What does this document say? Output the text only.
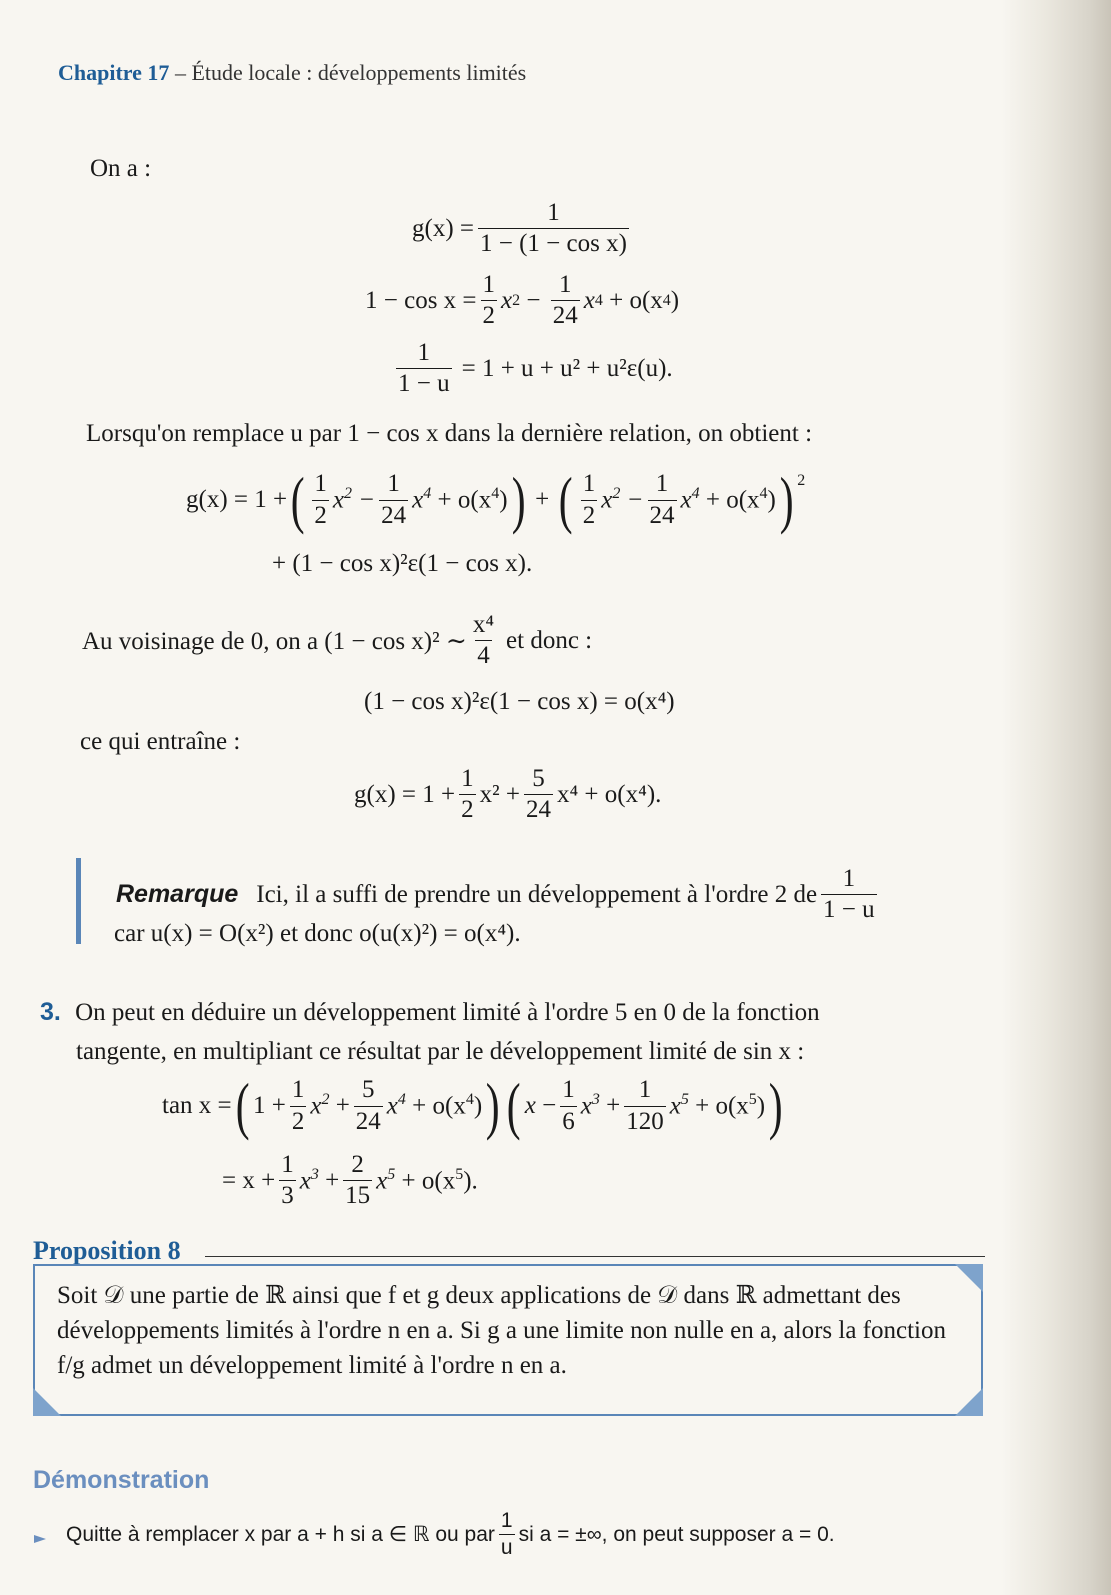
Chapitre 17 – Étude locale : développements limités
On a :
$g(x) = \frac{1}{\text{1 − (1 − cos x)}}$
$1 - \cos x = \frac{1}{2}$ x $2 - \frac{1}{24}$ x 4 + o(x 4 )
$\frac{1}{1 - u} = 1 + u + u^2 + u^2\varepsilon(u)$.
Lorsqu'on remplace u par 1 − cos x dans la dernière relation, on obtient :
g(x) = 1 + ( $\frac{1}{2} x^2 - \frac{1}{24} x^4 + o(x^4)$ ) + ( $\frac{1}{2} x^2 - \frac{1}{24} x^4 + o(x^4)$ )$^2$
+ (1 − cos x)²ε(1 − cos x).
Au voisinage de 0, on a (1 − cos x)² ∼ $\frac{\text{x⁴}}{4}$ et donc :
(1 − cos x)²ε(1 − cos x) = o(x⁴)
ce qui entraîne :
$g(x) = 1 + \frac{1}{2} x^2 + \frac{5}{24} x^4 + o(x^4)$.
Remarque Ici, il a suffi de prendre un développement à l'ordre 2 de $\frac{1}{1 - u}$
car u(x) = O(x²) et donc o(u(x)²) = o(x⁴).
3. On peut en déduire un développement limité à l'ordre 5 en 0 de la fonction
tangente, en multipliant ce résultat par le développement limité de sin x :
tan x = ( $1 + \frac{1}{2} x^2 + \frac{5}{24} x^4 + o(x^4)$ ) ( $x - \frac{1}{6} x^3 + \frac{1}{120} x^5 + o(x^5)$ )
= $x + \frac{1}{3} x^3 + \frac{2}{15} x^5 + o(x^5)$.
Proposition 8
Soit 𝒟 une partie de ℝ ainsi que f et g deux applications de 𝒟 dans ℝ admettant des développements limités à l'ordre n en a. Si g a une limite non nulle en a, alors la fonction f/g admet un développement limité à l'ordre n en a.
Démonstration
Quitte à remplacer x par a + h si a ∈ ℝ ou par $\frac{1}{u}$ si a = ±∞, on peut supposer a = 0.
